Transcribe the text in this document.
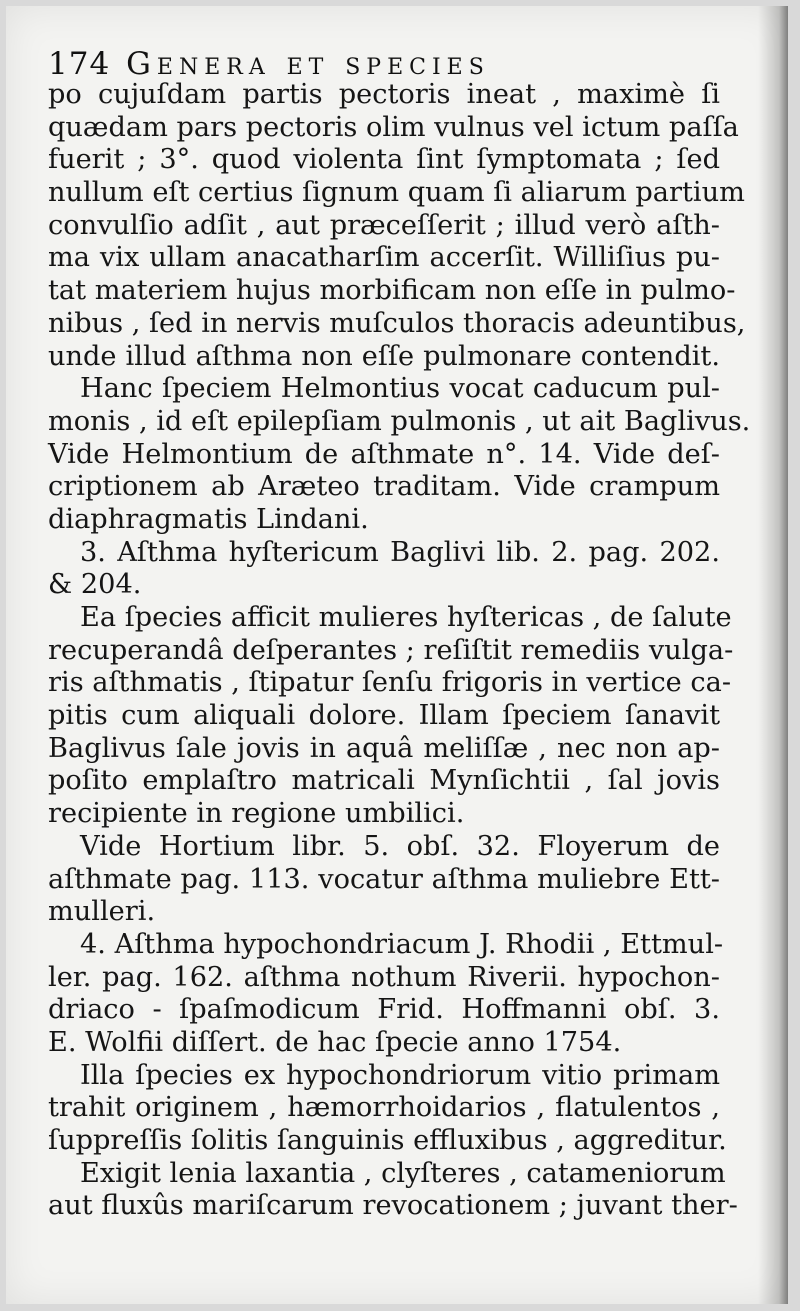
174 Genera et species
po cujuſdam partis pectoris ineat , maximè ſi
quædam pars pectoris olim vulnus vel ictum paſſa
fuerit ; 3°. quod violenta ſint ſymptomata ; ſed
nullum eſt certius ſignum quam ſi aliarum partium
convulſio adſit , aut præceſſerit ; illud verò aſth-
ma vix ullam anacatharſim accerſit. Williſius pu-
tat materiem hujus morbificam non eſſe in pulmo-
nibus , ſed in nervis muſculos thoracis adeuntibus,
unde illud aſthma non eſſe pulmonare contendit.
Hanc ſpeciem Helmontius vocat caducum pul-
monis , id eſt epilepſiam pulmonis , ut ait Baglivus.
Vide Helmontium de aſthmate n°. 14. Vide deſ-
criptionem ab Aræteo traditam. Vide crampum
diaphragmatis Lindani.
3. Aſthma hyſtericum Baglivi lib. 2. pag. 202.
& 204.
Ea ſpecies afficit mulieres hyſtericas , de ſalute
recuperandâ deſperantes ; reſiſtit remediis vulga-
ris aſthmatis , ſtipatur ſenſu frigoris in vertice ca-
pitis cum aliquali dolore. Illam ſpeciem ſanavit
Baglivus ſale jovis in aquâ meliſſæ , nec non ap-
poſito emplaſtro matricali Mynſichtii , ſal jovis
recipiente in regione umbilici.
Vide Hortium libr. 5. obſ. 32. Floyerum de
aſthmate pag. 113. vocatur aſthma muliebre Ett-
mulleri.
4. Aſthma hypochondriacum J. Rhodii , Ettmul-
ler. pag. 162. aſthma nothum Riverii. hypochon-
driaco - ſpaſmodicum Frid. Hoffmanni obſ. 3.
E. Wolfii diſſert. de hac ſpecie anno 1754.
Illa ſpecies ex hypochondriorum vitio primam
trahit originem , hæmorrhoidarios , flatulentos ,
ſuppreſſis ſolitis ſanguinis effluxibus , aggreditur.
Exigit lenia laxantia , clyſteres , catameniorum
aut fluxûs mariſcarum revocationem ; juvant ther-
